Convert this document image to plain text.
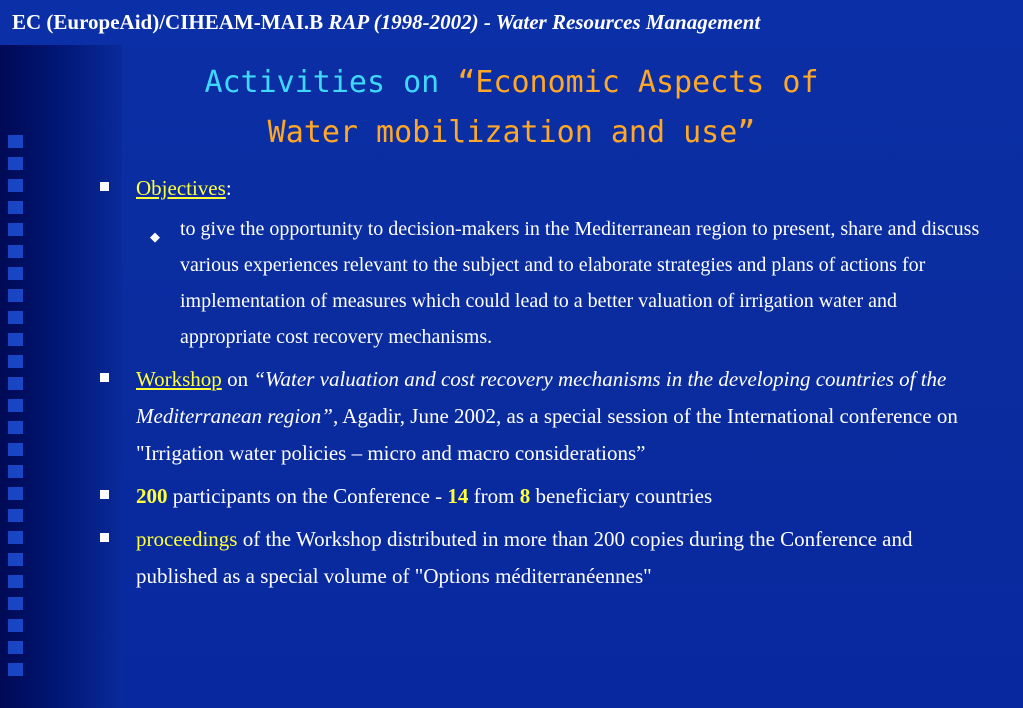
EC (EuropeAid)/CIHEAM-MAI.B RAP (1998-2002) - Water Resources Management
Activities on “Economic Aspects of
Water mobilization and use”
Objectives:
◆ to give the opportunity to decision-makers in the Mediterranean region to present, share and discuss various experiences relevant to the subject and to elaborate strategies and plans of actions for implementation of measures which could lead to a better valuation of irrigation water and appropriate cost recovery mechanisms.
Workshop on “Water valuation and cost recovery mechanisms in the developing countries of the Mediterranean region”, Agadir, June 2002, as a special session of the International conference on "Irrigation water policies – micro and macro considerations”
200 participants on the Conference - 14 from 8 beneficiary countries
proceedings of the Workshop distributed in more than 200 copies during the Conference and published as a special volume of "Options méditerranéennes"
